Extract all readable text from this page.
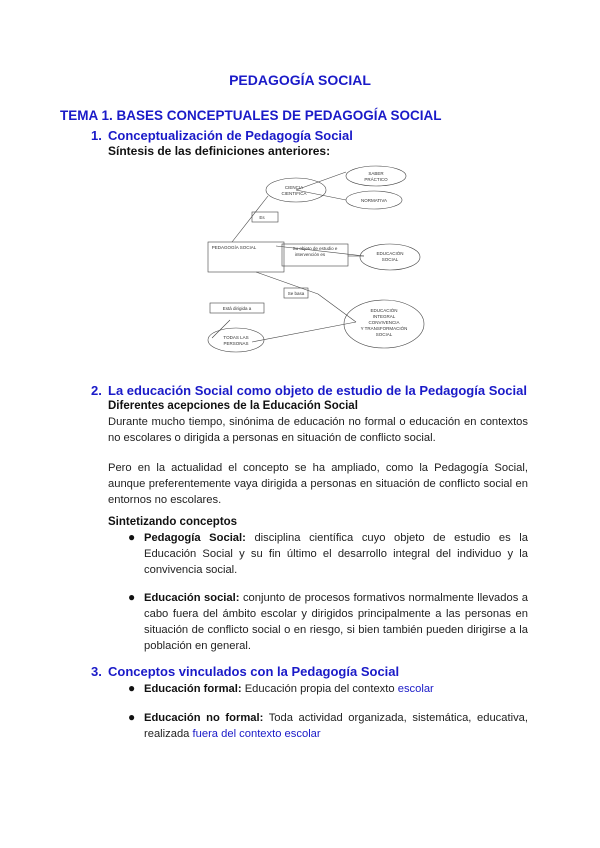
PEDAGOGÍA SOCIAL
TEMA 1. BASES CONCEPTUALES DE PEDAGOGÍA SOCIAL
1. Conceptualización de Pedagogía Social
Síntesis de las definiciones anteriores:
CIENCIA
CIENTIFICA
SABER
PRÁCTICO
NORMATIVA
Es
PEDAGOGÍA SOCIAL	Su objeto de estudio e
intervención es	EDUCACIÓN
SOCIAL
Se basa
EDUCACIÓN
INTEGRAL
CONVIVENCIA
Y TRANSFORMACIÓN
SOCIAL
Está dirigida a
TODAS LAS
PERSONAS
2. La educación Social como objeto de estudio de la Pedagogía Social
Diferentes acepciones de la Educación Social
Durante mucho tiempo, sinónima de educación no formal o educación en contextos no escolares o dirigida a personas en situación de conflicto social.
Pero en la actualidad el concepto se ha ampliado, como la Pedagogía Social, aunque preferentemente vaya dirigida a personas en situación de conflicto social en entornos no escolares.
Sintetizando conceptos
● Pedagogía Social: disciplina científica cuyo objeto de estudio es la Educación Social y su fin último el desarrollo integral del individuo y la convivencia social.
● Educación social: conjunto de procesos formativos normalmente llevados a cabo fuera del ámbito escolar y dirigidos principalmente a las personas en situación de conflicto social o en riesgo, si bien también pueden dirigirse a la población en general.
3. Conceptos vinculados con la Pedagogía Social
● Educación formal: Educación propia del contexto escolar
● Educación no formal: Toda actividad organizada, sistemática, educativa, realizada fuera del contexto escolar
